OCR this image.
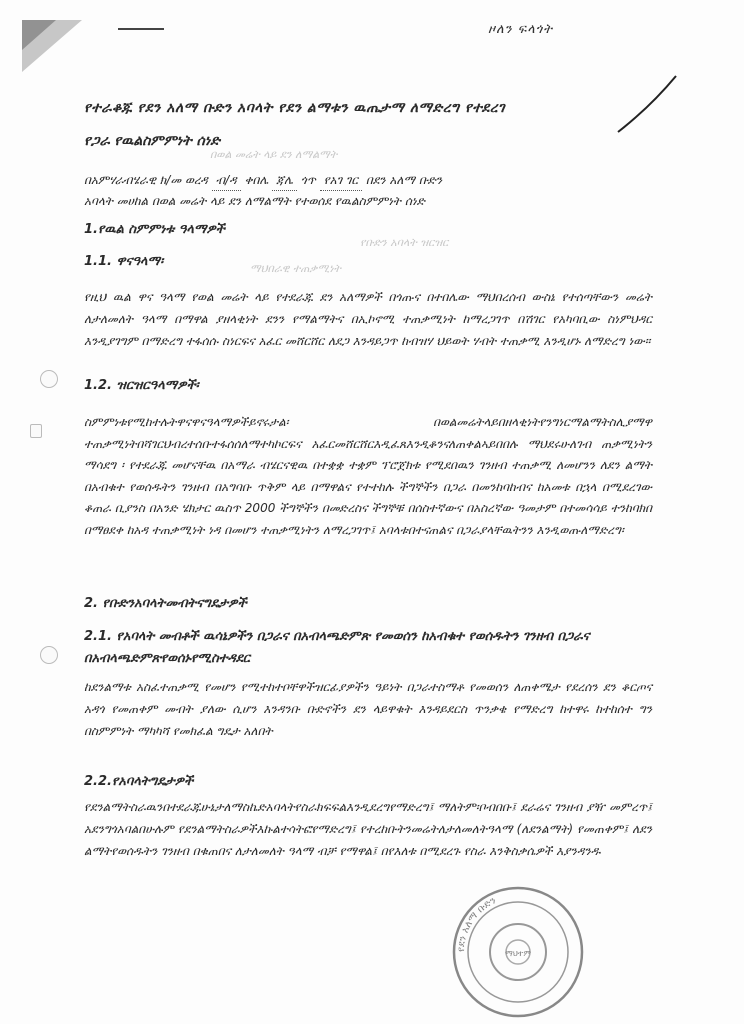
ዞለን ፍላጎት
በወል መሬት ላይ ደን ለማልማት
የቡድን አባላት ዝርዝር
ማህበራዊ ተጠቃሚነት
የተራቆጁ የደን አለማ ቡድን አባላት የደን ልማቱን ዉጤታማ ለማድረግ የተደረገ
የጋራ የዉልስምምነት ሰነድ
በአምሃራብሄራዊ ክ/መ ወረዳ ብ/ዳ ቀበሌ ጃሌ ጎጥ የአገ ገር በደን አለማ ቡድን
አባላት መሀከል በወል መሬት ላይ ደን ለማልማት የተወሰደ የዉልስምምነት ሰነድ
1.የዉል ስምምነቱ ዓላማዎች
1.1. ዋናዓላማ፡
የዚህ ዉል ዋና ዓላማ የወል መሬት ላይ የተደራጁ ደን አለማዎች በጎጡና በተበሌው ማህበረሰብ ውስኔ የተሰጣቸውን መሬት ለታለመለት ዓላማ በማዋል ያዘላቂነት ደንን የማልማትና በኢኮኖሚ ተጠቃሚነት ከማረጋገጥ በሽገር የአካባቢው ስነምህዳር እንዲያገግም በማድረግ ተፋሰሱ ስነርፍና አፈር መሸርሸር ለደጋ እንዳይጋጥ ከብዝሃ ህይወት ሃብት ተጠቃሚ እንዲሆኑ ለማድረግ ነው።
1.2. ዝርዝርዓላማዎች፡
ስምምነቱየሚከተሉትዋናዋናዓላማዎችይኖሩታል፡ በወልመሬትላይበዘላቂነትየንግነርማልማትስሊያማዋ ተጠቃሚነትበሻገርህብረተሰቡተፋሰሰለማተካኮርፍና አፈርመሸርሸርእዲፈጸእንዲቆንናለጠቀልኣይበበሉ ማህደሩሁለገብ ጠቃሚነትን ማሳደግ ፡ የተደራጁ መሆናቸዉ በአማራ ብሄርናዊዉ በተቋቋ ተቋም ፕሮጀክቱ የሚደበዉን ገንዘብ ተጠቃሚ ለመሆንን ለደን ልማት በአብቁተ የወሰዱትን ገንዘብ በአግባቡ ጥቅም ላይ በማዋልና የተተከሉ ችግኞችን በጋራ በመንከባከብና ከአመቱ በኋላ በሚደረገው ቆጠራ ቢያንስ በአንድ ሄክታር ዉስጥ 2000 ችግኞችን በመድረስና ችግኞቹ በሰስተኛውና በአስረኛው ዓመታም በተመሳሳይ ተንከባክበ በማፀደቀ ከአዳ ተጠቃሚነት ነዳ በመሆን ተጠቃሚነትን ለማረጋገጥ፤ አባላቱበተናጠልና በጋራያላቸዉትንን እንዲወጡለማድረግ፡
2. የቡድንአባላትመብትናግዴታዎች
2.1. የአባላት መብቶች ዉሳኔዎችን በጋራና በአብላጫድምጽ የመወሰን ከአብቁተ የወሰዱትን ገንዘብ በጋራና በአብላጫድምጽየወሰኑየሚስተዳደር
ከደንልማቱ አስፈተጠቃሚ የመሆን የሚተከተቦቸዋችዝርፊያዎችን ዓይነት በጋራተስማቶ የመወሰን ለጠቀሜታ የደረሰን ደን ቆርጦና አዳጎ የመጠቀም መብት ያለው ሲሆን እንዳንቡ ቡድኖችን ደን ላይዋቁት እንዳይደርስ ጥንቃቄ የማድረግ ከተዋሩ ከተከሰተ ግን በስምምነት ማካካሻ የመክፈል ግዴታ አለበት
2.2.የአባላትግዴታዎች
የደንልማትስራዉንበተደራጁሁኔታለማስኬድአባላትየስራክፍፍልእንዲደረግየማድረግ፤ ማለትም፡ቦብበቡ፤ ደራሬና ገንዘብ ያዥ መምረጥ፤ አደንግጎአባልበሁሉም የደንልማትስራዎችእኩልተሳትፎየማድረግ፤ የተረከቡትንመሬትለታለመለትዓላማ (ለደንልማት) የመጠቀም፤ ለደን ልማትየወሰዱትን ገንዘብ በቁጠበና ለታለመለት ዓላማ ብቻ የማዋል፤ በየእለቱ በሚደረጉ የስራ እንቅስቃሴዎች እያንዳንዱ
የደን አለማ ቡድን
ማህተም
